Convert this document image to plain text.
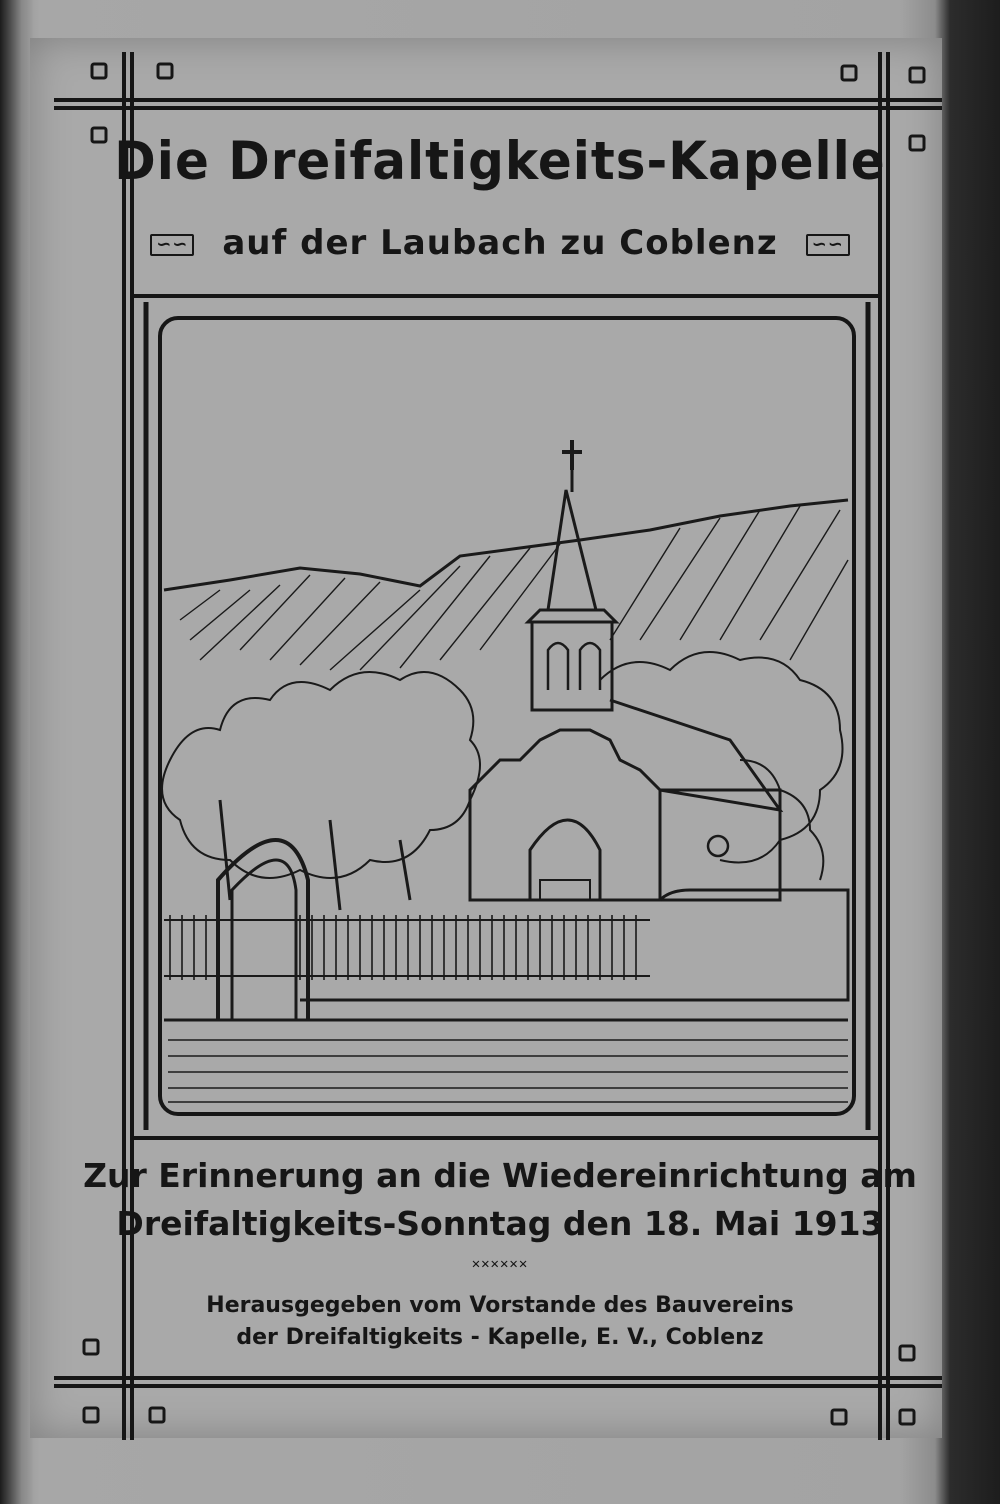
Die Dreifaltigkeits-Kapelle
∽∽ auf der Laubach zu Coblenz ∽∽
Zur Erinnerung an die Wiedereinrichtung am
Dreifaltigkeits-Sonntag den 18. Mai 1913
✕✕✕✕✕✕
Herausgegeben vom Vorstande des Bauvereins
der Dreifaltigkeits - Kapelle, E. V., Coblenz
